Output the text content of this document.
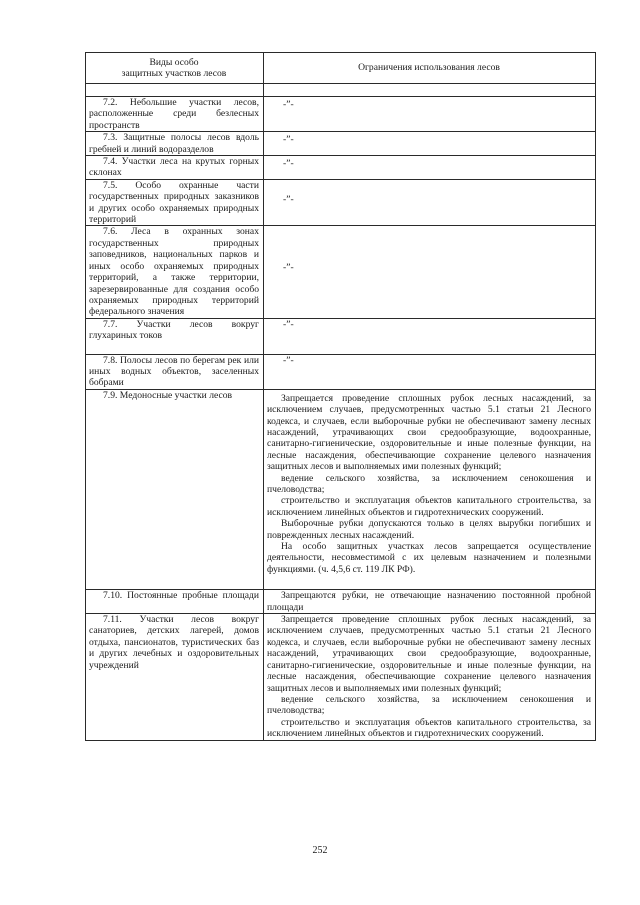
Виды особо
защитных участков лесов	Ограничения использования лесов

7.2. Небольшие участки лесов, расположенные среди безлесных пространств	-”-

7.3. Защитные полосы лесов вдоль гребней и линий водоразделов	-”-

7.4. Участки леса на крутых горных склонах	-”-

7.5. Особо охранные части государственных природных заказников и других особо охраняемых природных территорий	-”-

7.6. Леса в охранных зонах государственных природных заповедников, национальных парков и иных особо охраняемых природных территорий, а также территории, зарезервированные для создания особо охраняемых природных территорий федерального значения	-”-

7.7. Участки лесов вокруг глухариных токов	-”-

7.8. Полосы лесов по берегам рек или иных водных объектов, заселенных бобрами	-”-

7.9. Медоносные участки лесов	Запрещается проведение сплошных рубок лесных насаждений, за исключением случаев, предусмотренных частью 5.1 статьи 21 Лесного кодекса, и случаев, если выборочные рубки не обеспечивают замену лесных насаждений, утрачивающих свои средообразующие, водоохранные, санитарно-гигиенические, оздоровительные и иные полезные функции, на лесные насаждения, обеспечивающие сохранение целевого назначения защитных лесов и выполняемых ими полезных функций;

ведение сельского хозяйства, за исключением сенокошения и пчеловодства;

строительство и эксплуатация объектов капитального строительства, за исключением линейных объектов и гидротехнических сооружений.

Выборочные рубки допускаются только в целях вырубки погибших и поврежденных лесных насаждений.

На особо защитных участках лесов запрещается осуществление деятельности, несовместимой с их целевым назначением и полезными функциями. (ч. 4,5,6 ст. 119 ЛК РФ).

7.10. Постоянные пробные площади	Запрещаются рубки, не отвечающие назначению постоянной пробной площади

7.11. Участки лесов вокруг санаториев, детских лагерей, домов отдыха, пансионатов, туристических баз и других лечебных и оздоровительных учреждений	Запрещается проведение сплошных рубок лесных насаждений, за исключением случаев, предусмотренных частью 5.1 статьи 21 Лесного кодекса, и случаев, если выборочные рубки не обеспечивают замену лесных насаждений, утрачивающих свои средообразующие, водоохранные, санитарно-гигиенические, оздоровительные и иные полезные функции, на лесные насаждения, обеспечивающие сохранение целевого назначения защитных лесов и выполняемых ими полезных функций;

ведение сельского хозяйства, за исключением сенокошения и пчеловодства;

строительство и эксплуатация объектов капитального строительства, за исключением линейных объектов и гидротехнических сооружений.

252
